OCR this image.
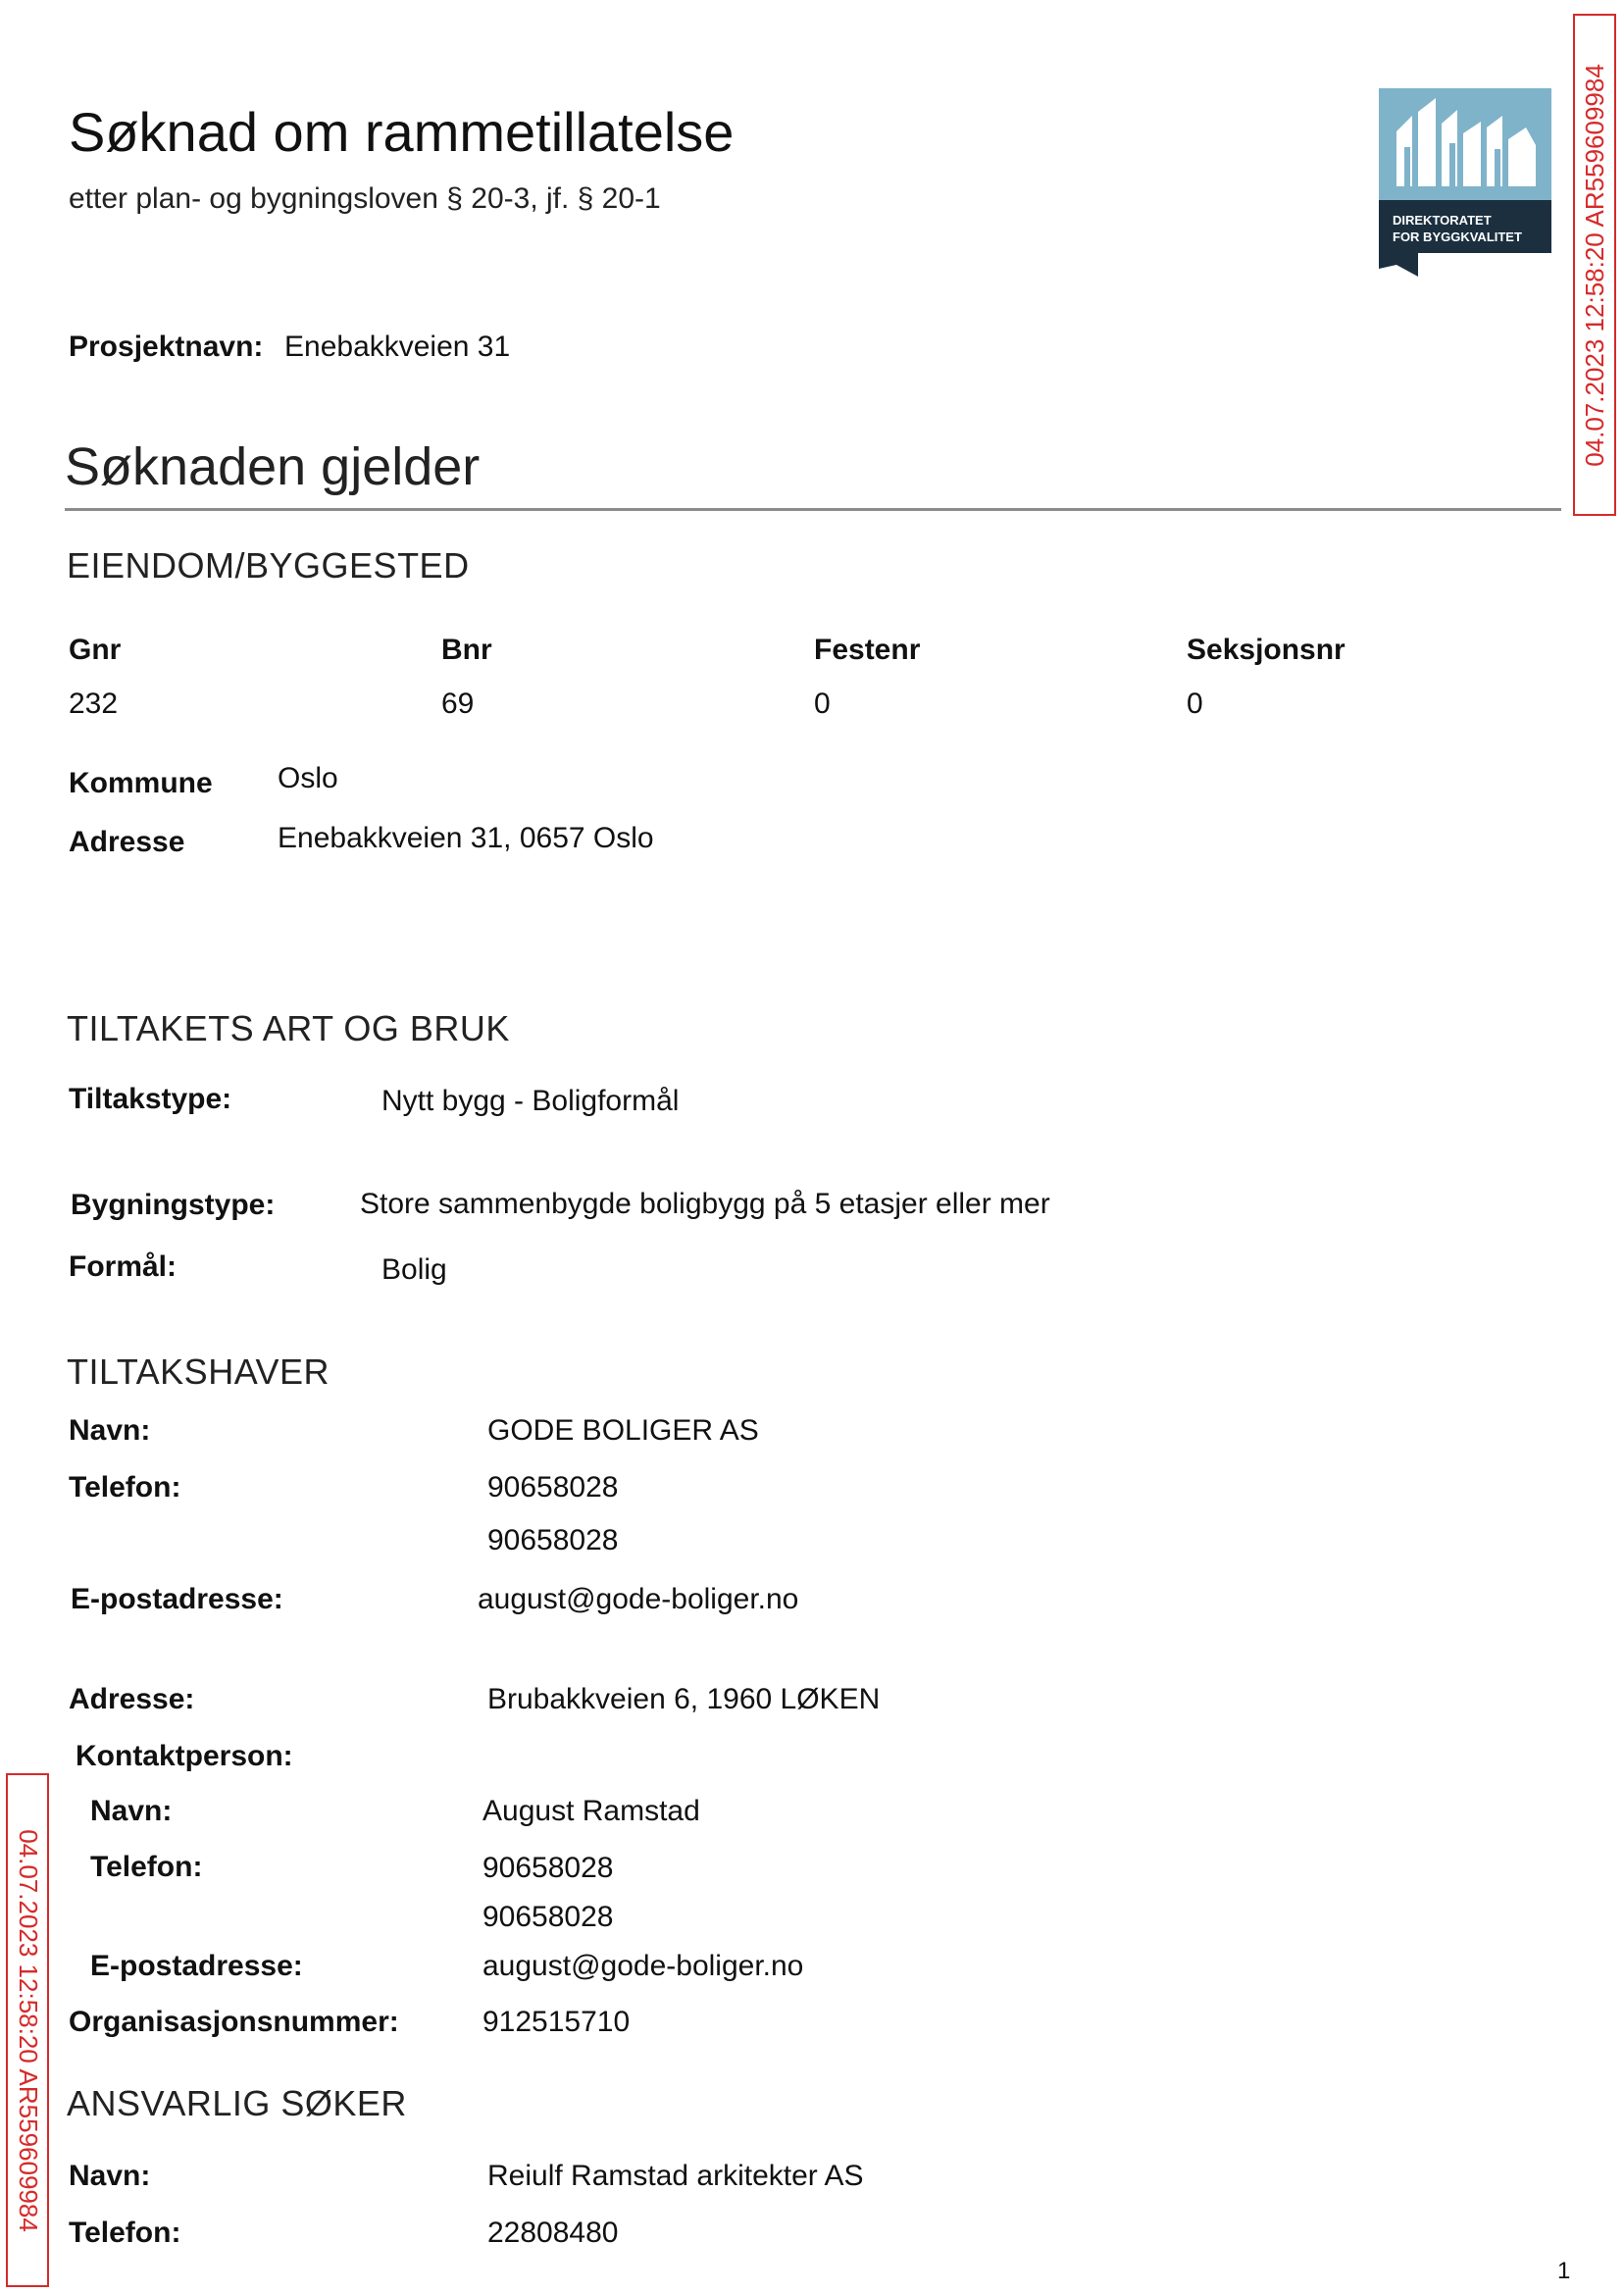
Søknad om rammetillatelse
etter plan- og bygningsloven § 20-3, jf. § 20-1
DIREKTORATET
FOR BYGGKVALITET 04.07.2023 12:58:20 AR559609984
04.07.2023 12:58:20 AR559609984
Prosjektnavn: Enebakkveien 31
Søknaden gjelder
EIENDOM/BYGGESTED
Gnr	Bnr	Festenr	Seksjonsnr
232	69	0	0
Kommune Oslo
Adresse	Enebakkveien 31, 0657 Oslo
TILTAKETS ART OG BRUK
Tiltakstype:	Nytt bygg - Boligformål
Bygningstype:	Store sammenbygde boligbygg på 5 etasjer eller mer
Formål:	Bolig
TILTAKSHAVER
Navn:	GODE BOLIGER AS
Telefon:	90658028
90658028
E-postadresse:	august@gode-boliger.no
Adresse:	Brubakkveien 6, 1960 LØKEN
Kontaktperson:
Navn:	August Ramstad
Telefon:	90658028
90658028
E-postadresse:	august@gode-boliger.no
Organisasjonsnummer:	912515710
ANSVARLIG SØKER
Navn:	Reiulf Ramstad arkitekter AS
Telefon:	22808480
1
